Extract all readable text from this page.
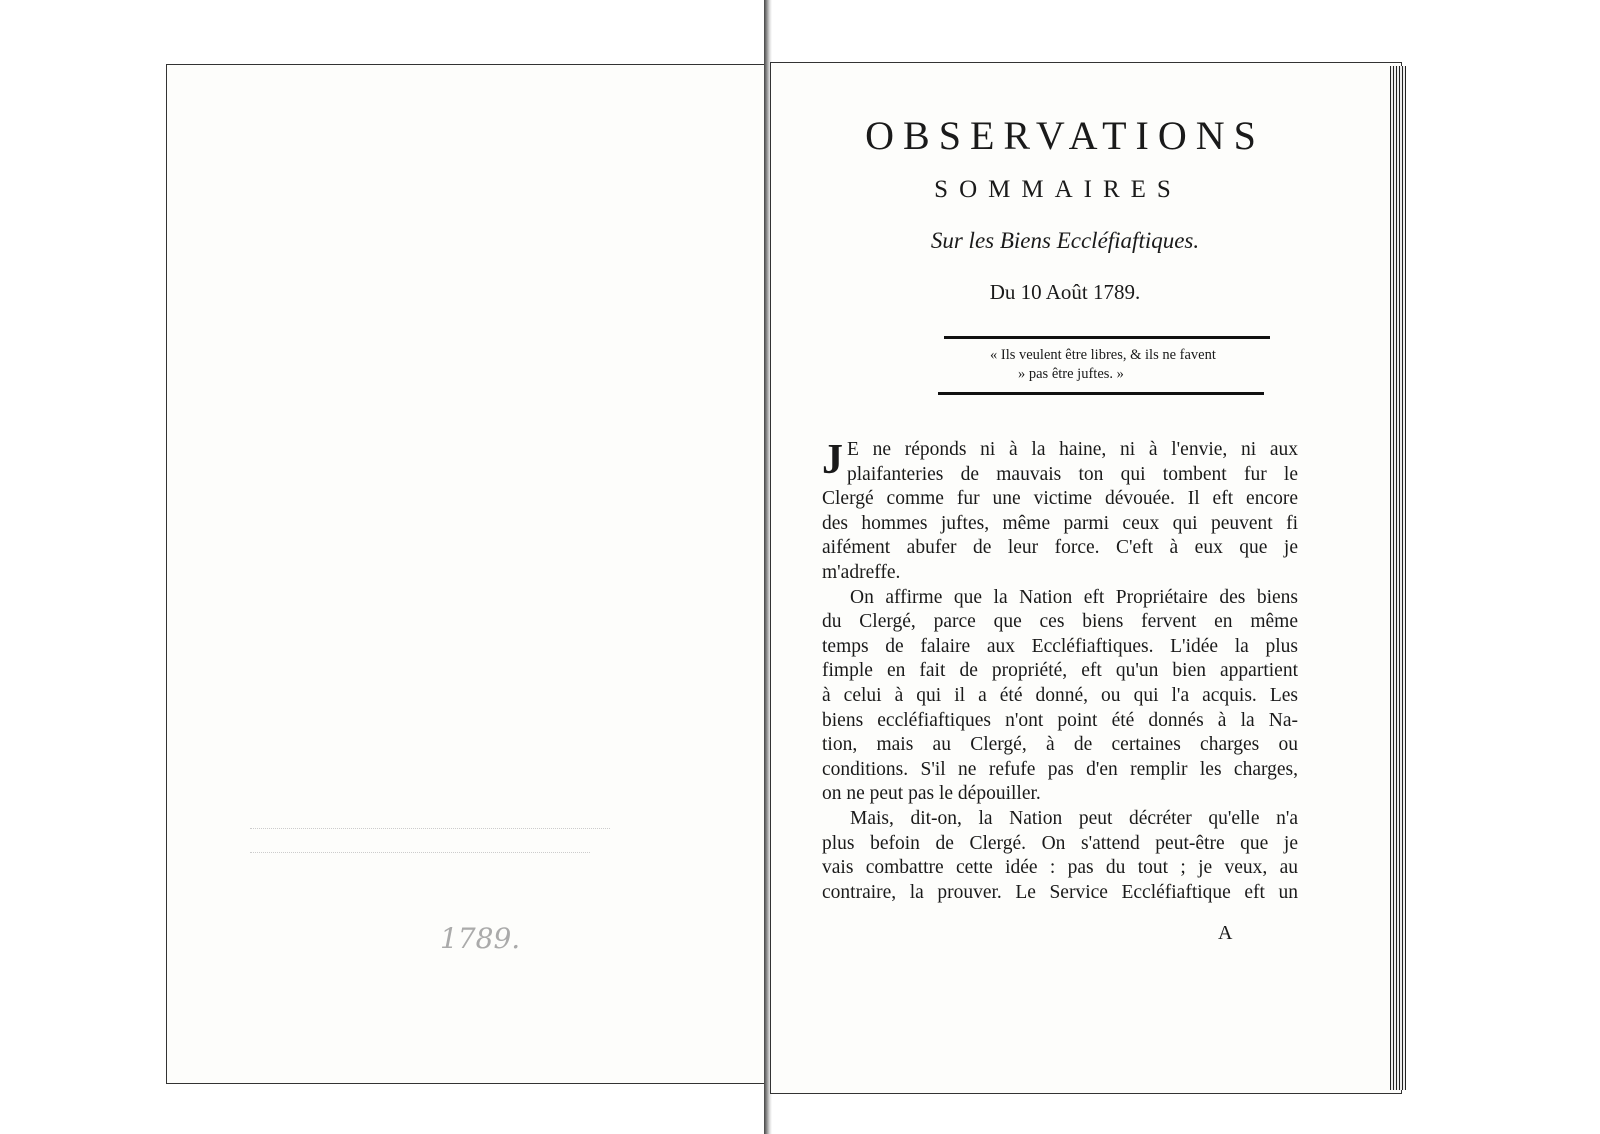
1789.
OBSERVATIONS
SOMMAIRES
Sur les Biens Eccléfiaftiques.
Du 10 Août 1789.
« Ils veulent être libres, & ils ne favent
» pas être juftes. »
J E ne réponds ni à la haine, ni à l'envie, ni aux
plaifanteries de mauvais ton qui tombent fur le
Clergé comme fur une victime dévouée. Il eft encore
des hommes juftes, même parmi ceux qui peuvent fi
aifément abufer de leur force. C'eft à eux que je
m'adreffe.
On affirme que la Nation eft Propriétaire des biens
du Clergé, parce que ces biens fervent en même
temps de falaire aux Eccléfiaftiques. L'idée la plus
fimple en fait de propriété, eft qu'un bien appartient
à celui à qui il a été donné, ou qui l'a acquis. Les
biens eccléfiaftiques n'ont point été donnés à la Na-
tion, mais au Clergé, à de certaines charges ou
conditions. S'il ne refufe pas d'en remplir les charges,
on ne peut pas le dépouiller.
Mais, dit-on, la Nation peut décréter qu'elle n'a
plus befoin de Clergé. On s'attend peut-être que je
vais combattre cette idée : pas du tout ; je veux, au
contraire, la prouver. Le Service Eccléfiaftique eft un
A
